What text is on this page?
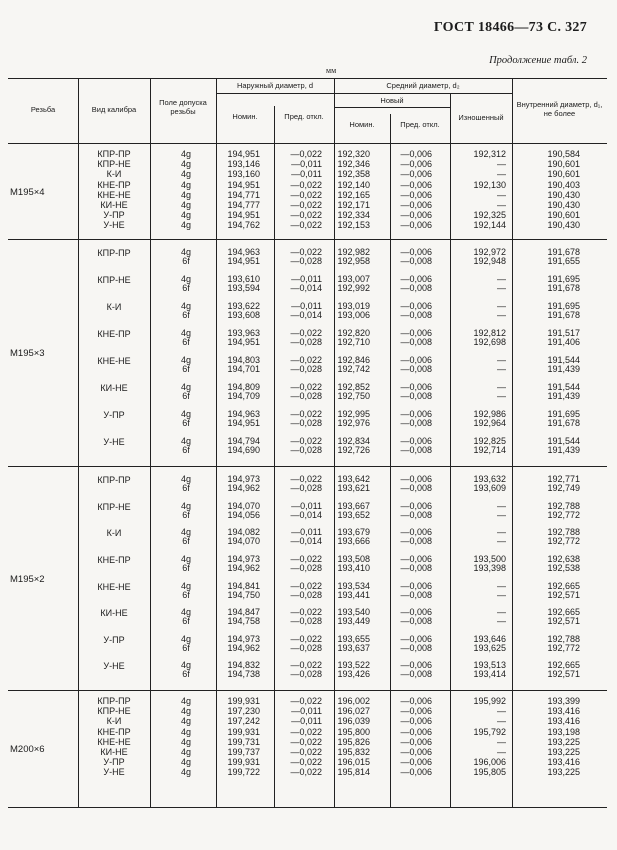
ГОСТ 18466—73 С. 327
Продолжение табл. 2
мм
Резьба	Вид калибра
Поле допуска резьбы
Наружный диаметр, d
Номин.	Пред. откл.
Средний диаметр, d₂
Новый
Номин.	Пред. откл.
Изношенный
Внутренний диаметр, d₁, не более
М195×4
КПР-ПР	4g	194,951	—0,022	192,320	—0,006	192,312	190,584
КПР-НЕ	4g	193,146	—0,011	192,346	—0,006	—	190,601
К-И	4g	193,160	—0,011	192,358	—0,006	—	190,601
КНЕ-ПР	4g	194,951	—0,022	192,140	—0,006	192,130	190,403
КНЕ-НЕ	4g	194,771	—0,022	192,165	—0,006	—	190,430
КИ-НЕ	4g	194,777	—0,022	192,171	—0,006	—	190,430
У-ПР	4g	194,951	—0,022	192,334	—0,006	192,325	190,601
У-НЕ	4g	194,762	—0,022	192,153	—0,006	192,144	190,430
М195×3
КПР-ПР	4g	194,963	—0,022	192,982	—0,006	192,972	191,678
6f	194,951	—0,028	192,958	—0,008	192,948	191,655
КПР-НЕ	4g	193,610	—0,011	193,007	—0,006	—	191,695
6f	193,594	—0,014	192,992	—0,008	—	191,678
К-И	4g	193,622	—0,011	193,019	—0,006	—	191,695
6f	193,608	—0,014	193,006	—0,008	—	191,678
КНЕ-ПР	4g	193,963	—0,022	192,820	—0,006	192,812	191,517
6f	194,951	—0,028	192,710	—0,008	192,698	191,406
КНЕ-НЕ	4g	194,803	—0,022	192,846	—0,006	—	191,544
6f	194,701	—0,028	192,742	—0,008	—	191,439
КИ-НЕ	4g	194,809	—0,022	192,852	—0,006	—	191,544
6f	194,709	—0,028	192,750	—0,008	—	191,439
У-ПР	4g	194,963	—0,022	192,995	—0,006	192,986	191,695
6f	194,951	—0,028	192,976	—0,008	192,964	191,678
У-НЕ	4g	194,794	—0,022	192,834	—0,006	192,825	191,544
6f	194,690	—0,028	192,726	—0,008	192,714	191,439
М195×2
КПР-ПР	4g	194,973	—0,022	193,642	—0,006	193,632	192,771
6f	194,962	—0,028	193,621	—0,008	193,609	192,749
КПР-НЕ	4g	194,070	—0,011	193,667	—0,006	—	192,788
6f	194,056	—0,014	193,652	—0,008	—	192,772
К-И	4g	194,082	—0,011	193,679	—0,006	—	192,788
6f	194,070	—0,014	193,666	—0,008	—	192,772
КНЕ-ПР	4g	194,973	—0,022	193,508	—0,006	193,500	192,638
6f	194,962	—0,028	193,410	—0,008	193,398	192,538
КНЕ-НЕ	4g	194,841	—0,022	193,534	—0,006	—	192,665
6f	194,750	—0,028	193,441	—0,008	—	192,571
КИ-НЕ	4g	194,847	—0,022	193,540	—0,006	—	192,665
6f	194,758	—0,028	193,449	—0,008	—	192,571
У-ПР	4g	194,973	—0,022	193,655	—0,006	193,646	192,788
6f	194,962	—0,028	193,637	—0,008	193,625	192,772
У-НЕ	4g	194,832	—0,022	193,522	—0,006	193,513	192,665
6f	194,738	—0,028	193,426	—0,008	193,414	192,571
М200×6
КПР-ПР	4g	199,931	—0,022	196,002	—0,006	195,992	193,399
КПР-НЕ	4g	197,230	—0,011	196,027	—0,006	—	193,416
К-И	4g	197,242	—0,011	196,039	—0,006	—	193,416
КНЕ-ПР	4g	199,931	—0,022	195,800	—0,006	195,792	193,198
КНЕ-НЕ	4g	199,731	—0,022	195,826	—0,006	—	193,225
КИ-НЕ	4g	199,737	—0,022	195,832	—0,006	—	193,225
У-ПР	4g	199,931	—0,022	196,015	—0,006	196,006	193,416
У-НЕ	4g	199,722	—0,022	195,814	—0,006	195,805	193,225
